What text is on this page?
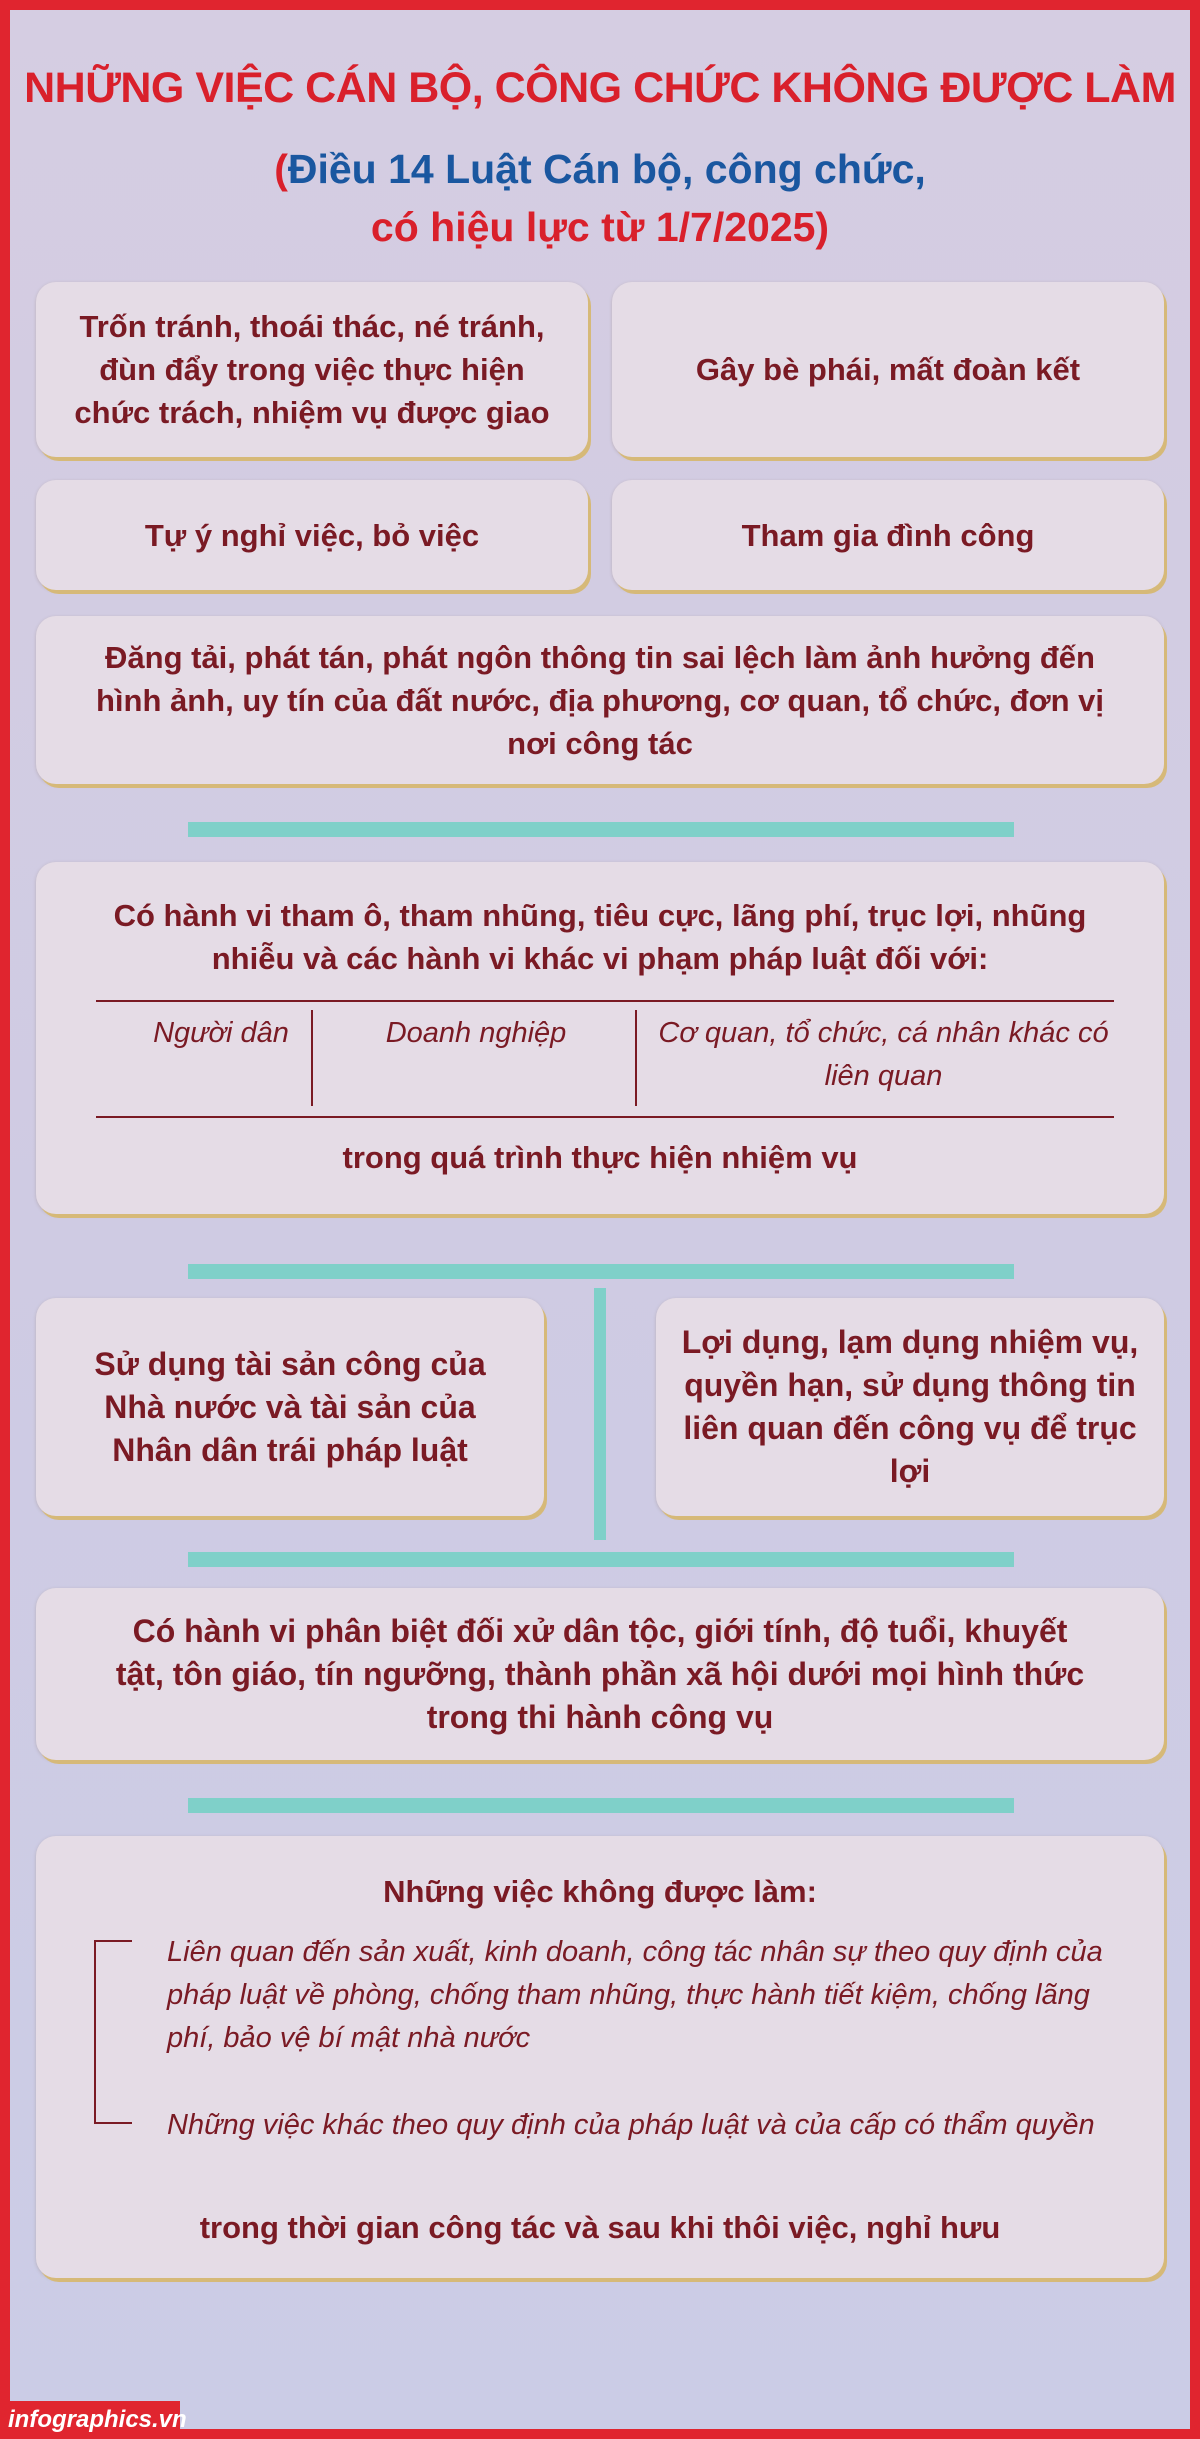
NHỮNG VIỆC CÁN BỘ, CÔNG CHỨC KHÔNG ĐƯỢC LÀM
(Điều 14 Luật Cán bộ, công chức,
có hiệu lực từ 1/7/2025)
Trốn tránh, thoái thác, né tránh, đùn đẩy trong việc thực hiện chức trách, nhiệm vụ được giao
Gây bè phái, mất đoàn kết
Tự ý nghỉ việc, bỏ việc	Tham gia đình công
Đăng tải, phát tán, phát ngôn thông tin sai lệch làm ảnh hưởng đến hình ảnh, uy tín của đất nước, địa phương, cơ quan, tổ chức, đơn vị nơi công tác
Có hành vi tham ô, tham nhũng, tiêu cực, lãng phí, trục lợi, nhũng nhiễu và các hành vi khác vi phạm pháp luật đối với:
Người dân	Doanh nghiệp	Cơ quan, tổ chức, cá nhân khác có liên quan
trong quá trình thực hiện nhiệm vụ
Sử dụng tài sản công của Nhà nước và tài sản của Nhân dân trái pháp luật
Lợi dụng, lạm dụng nhiệm vụ, quyền hạn, sử dụng thông tin liên quan đến công vụ để trục lợi
Có hành vi phân biệt đối xử dân tộc, giới tính, độ tuổi, khuyết tật, tôn giáo, tín ngưỡng, thành phần xã hội dưới mọi hình thức trong thi hành công vụ
Những việc không được làm:
Liên quan đến sản xuất, kinh doanh, công tác nhân sự theo quy định của pháp luật về phòng, chống tham nhũng, thực hành tiết kiệm, chống lãng phí, bảo vệ bí mật nhà nước
Những việc khác theo quy định của pháp luật và của cấp có thẩm quyền
trong thời gian công tác và sau khi thôi việc, nghỉ hưu
infographics.vn
